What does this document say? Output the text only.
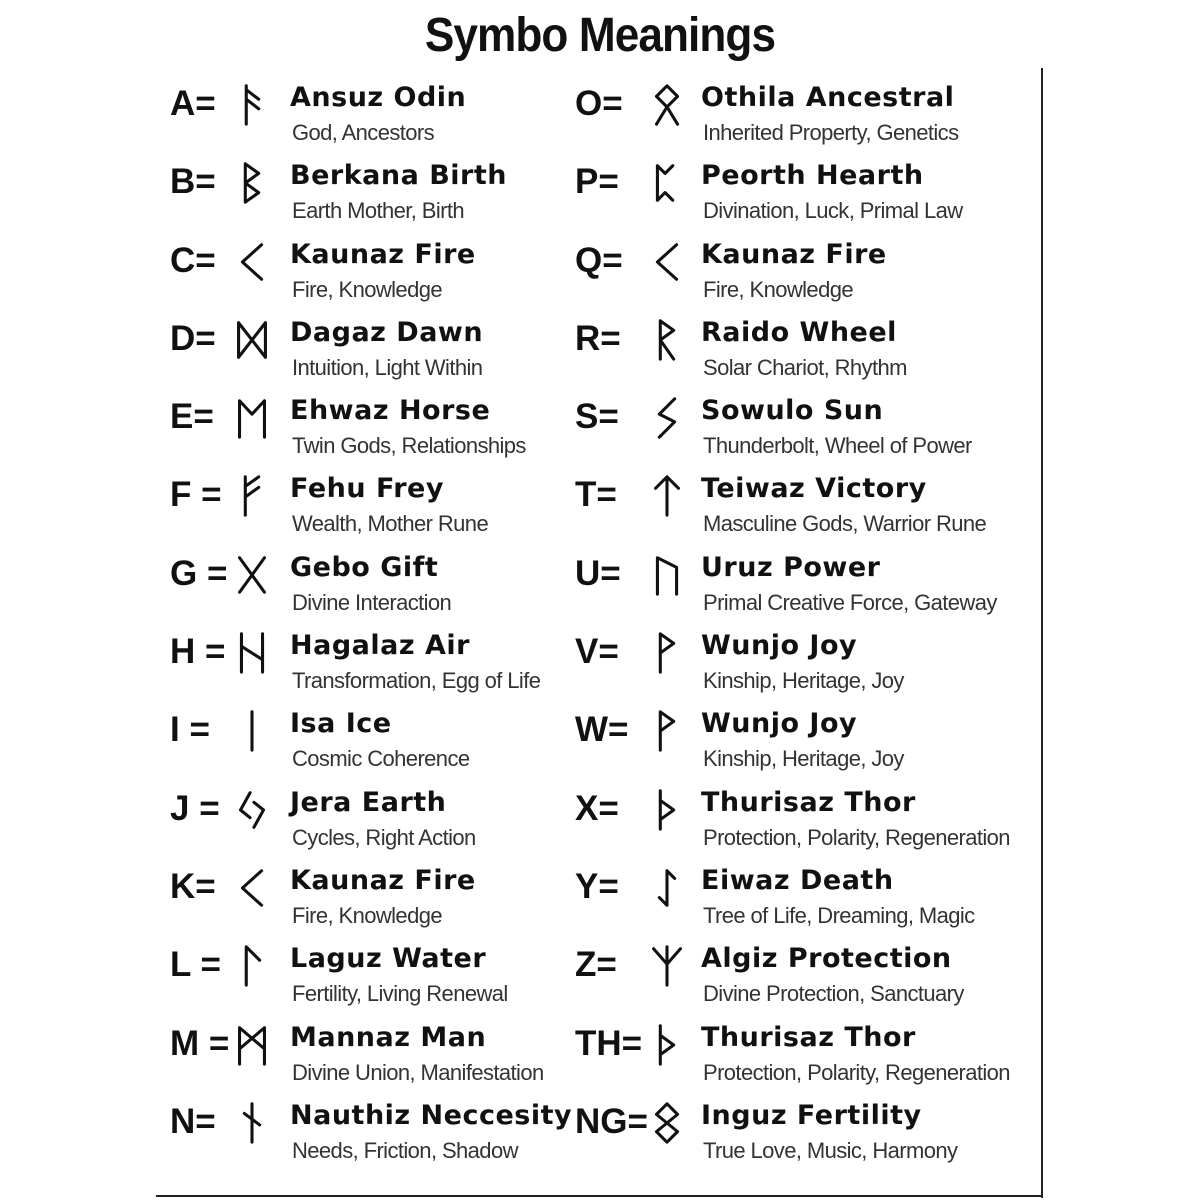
Symbo Meanings
A=	Ansuz Odin
God, Ancestors
B=	Berkana Birth
Earth Mother, Birth
C=	Kaunaz Fire
Fire, Knowledge
D=	Dagaz Dawn
Intuition, Light Within
E=	Ehwaz Horse
Twin Gods, Relationships
F =	Fehu Frey
Wealth, Mother Rune
G = Gebo Gift
Divine Interaction
H = Hagalaz Air
Transformation, Egg of Life
I =	Isa Ice
Cosmic Coherence
J =	Jera Earth
Cycles, Right Action
K=	Kaunaz Fire
Fire, Knowledge
L =	Laguz Water
Fertility, Living Renewal
M = Mannaz Man
Divine Union, Manifestation
N=	Nauthiz Neccesity
Needs, Friction, Shadow
O=	Othila Ancestral
Inherited Property, Genetics
P=	Peorth Hearth
Divination, Luck, Primal Law
Q=	Kaunaz Fire
Fire, Knowledge
R=	Raido Wheel
Solar Chariot, Rhythm
S=	Sowulo Sun
Thunderbolt, Wheel of Power
T=	Teiwaz Victory
Masculine Gods, Warrior Rune
U=	Uruz Power
Primal Creative Force, Gateway
V=	Wunjo Joy
Kinship, Heritage, Joy
W=	Wunjo Joy
Kinship, Heritage, Joy
X=	Thurisaz Thor
Protection, Polarity, Regeneration
Y=	Eiwaz Death
Tree of Life, Dreaming, Magic
Z=	Algiz Protection
Divine Protection, Sanctuary
TH= Thurisaz Thor
Protection, Polarity, Regeneration
NG= Inguz Fertility
True Love, Music, Harmony
